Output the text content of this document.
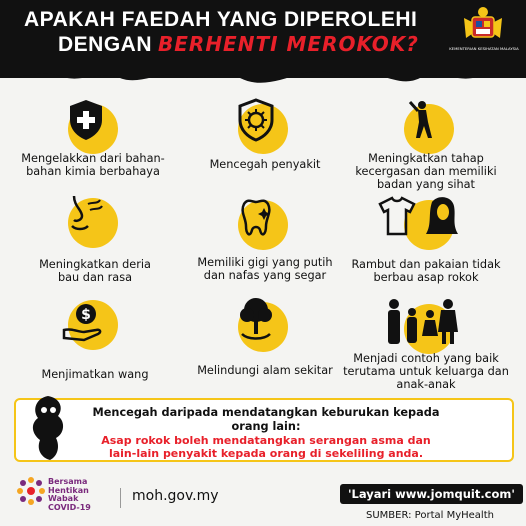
APAKAH FAEDAH YANG DIPEROLEHI
DENGAN BERHENTI MEROKOK?	KEMENTERIAN KESIHATAN MALAYSIA
Mengelakkan dari bahan-bahan kimia berbahaya
Mencegah penyakit	Meningkatkan tahap kecergasan dan memiliki badan yang sihat
Meningkatkan deria bau dan rasa
Memiliki gigi yang putih dan nafas yang segar
Rambut dan pakaian tidak berbau asap rokok
$
Menjimatkan wang	Melindungi alam sekitar
Menjadi contoh yang baik terutama untuk keluarga dan anak-anak
Mencegah daripada mendatangkan keburukan kepada
orang lain:
Asap rokok boleh mendatangkan serangan asma dan
lain-lain penyakit kepada orang di sekeliling anda.
Bersama
Hentikan
Wabak
COVID-19
moh.gov.my	'Layari www.jomquit.com'
SUMBER: Portal MyHealth
